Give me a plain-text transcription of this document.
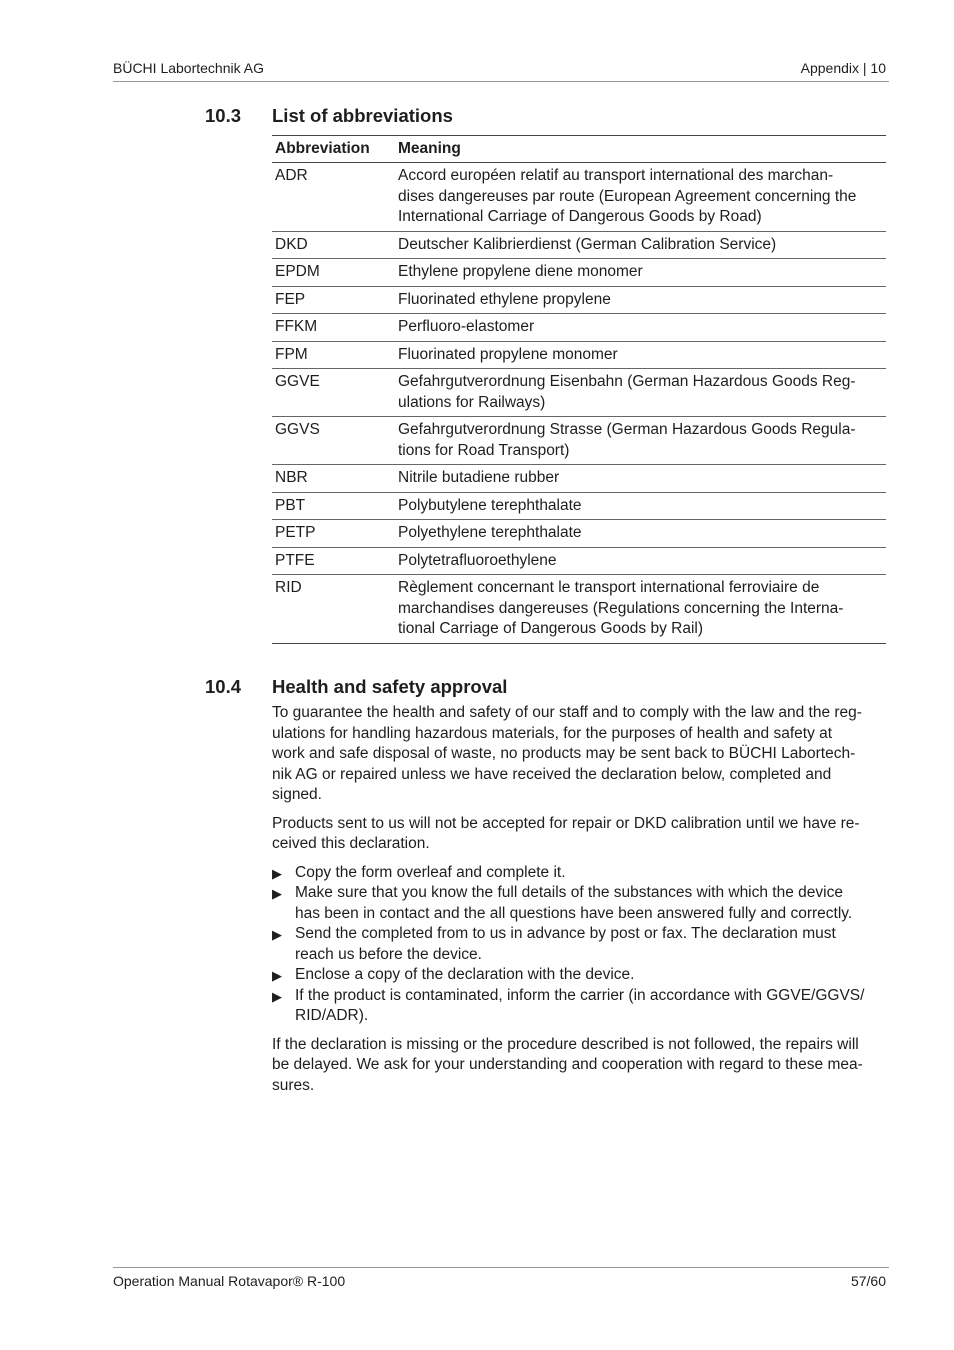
BÜCHI Labortechnik AG	Appendix | 10
10.3 List of abbreviations
Abbreviation	Meaning
ADR	Accord européen relatif au transport international des marchan-
dises dangereuses par route (European Agreement concerning the
International Carriage of Dangerous Goods by Road)
DKD	Deutscher Kalibrierdienst (German Calibration Service)
EPDM	Ethylene propylene diene monomer
FEP	Fluorinated ethylene propylene
FFKM	Perfluoro-elastomer
FPM	Fluorinated propylene monomer
GGVE	Gefahrgutverordnung Eisenbahn (German Hazardous Goods Reg-
ulations for Railways)
GGVS	Gefahrgutverordnung Strasse (German Hazardous Goods Regula-
tions for Road Transport)
NBR	Nitrile butadiene rubber
PBT	Polybutylene terephthalate
PETP	Polyethylene terephthalate
PTFE	Polytetrafluoroethylene
RID	Règlement concernant le transport international ferroviaire de
marchandises dangereuses (Regulations concerning the Interna-
tional Carriage of Dangerous Goods by Rail)
10.4 Health and safety approval

To guarantee the health and safety of our staff and to comply with the law and the reg-
ulations for handling hazardous materials, for the purposes of health and safety at
work and safe disposal of waste, no products may be sent back to BÜCHI Labortech-
nik AG or repaired unless we have received the declaration below, completed and
signed.

Products sent to us will not be accepted for repair or DKD calibration until we have re-
ceived this declaration.

▶ Copy the form overleaf and complete it.
▶ Make sure that you know the full details of the substances with which the device
has been in contact and the all questions have been answered fully and correctly.
▶ Send the completed from to us in advance by post or fax. The declaration must
reach us before the device.
▶ Enclose a copy of the declaration with the device.
▶ If the product is contaminated, inform the carrier (in accordance with GGVE/GGVS/
RID/ADR).

If the declaration is missing or the procedure described is not followed, the repairs will
be delayed. We ask for your understanding and cooperation with regard to these mea-
sures.

Operation Manual Rotavapor® R-100	57/60
